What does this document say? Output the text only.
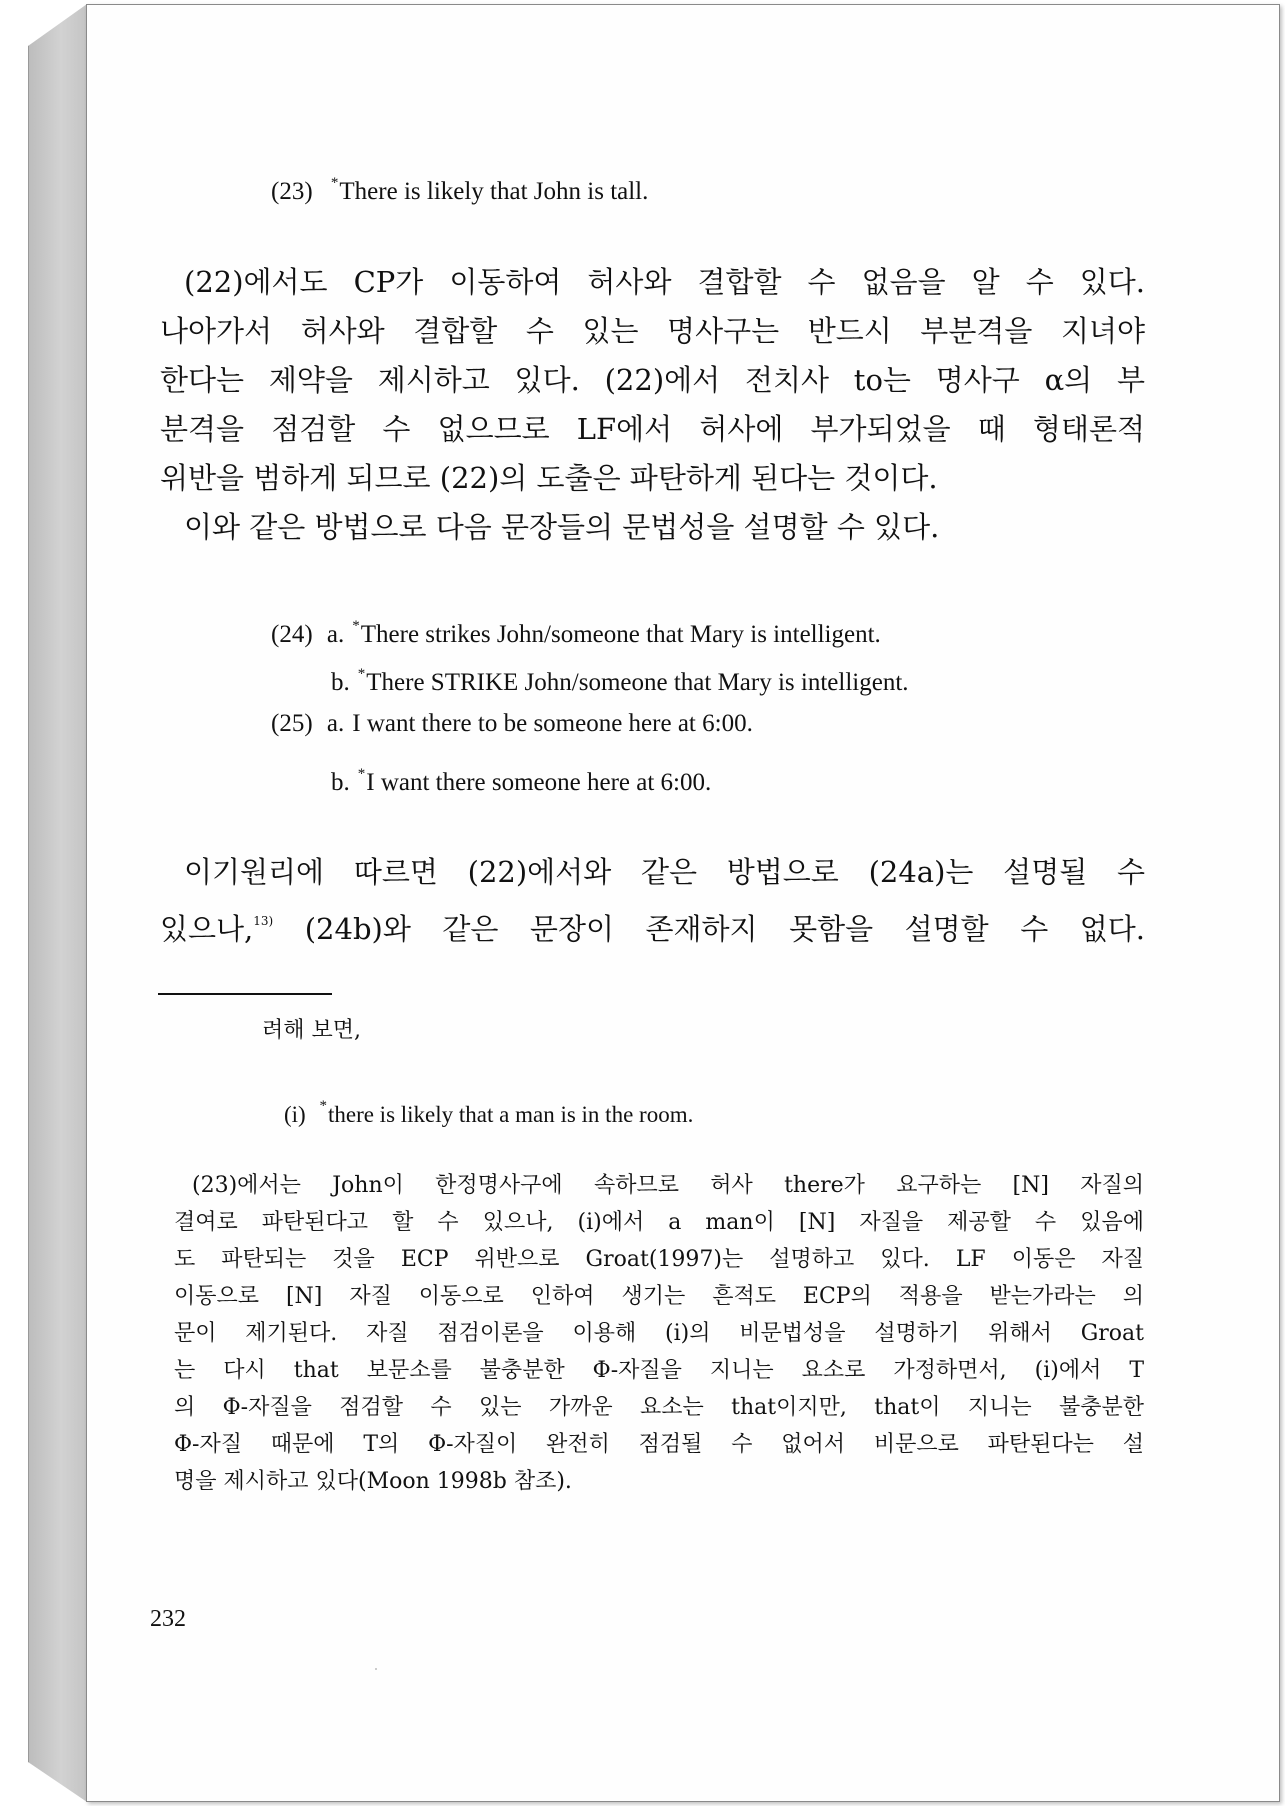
(23) *There is likely that John is tall.

(22)에서도 CP가 이동하여 허사와 결합할 수 없음을 알 수 있다.

나아가서 허사와 결합할 수 있는 명사구는 반드시 부분격을 지녀야

한다는 제약을 제시하고 있다. (22)에서 전치사 to는 명사구 α의 부

분격을 점검할 수 없으므로 LF에서 허사에 부가되었을 때 형태론적

위반을 범하게 되므로 (22)의 도출은 파탄하게 된다는 것이다.

이와 같은 방법으로 다음 문장들의 문법성을 설명할 수 있다.

(24) a. *There strikes John/someone that Mary is intelligent.
b. *There STRIKE John/someone that Mary is intelligent.
(25) a. I want there to be someone here at 6:00.
b. *I want there someone here at 6:00.

이기원리에 따르면 (22)에서와 같은 방법으로 (24a)는 설명될 수

있으나,$^{13)}$ (24b)와 같은 문장이 존재하지 못함을 설명할 수 없다.

려해 보면,
(i) *there is likely that a man is in the room.

(23)에서는 John이 한정명사구에 속하므로 허사 there가 요구하는 [N] 자질의

결여로 파탄된다고 할 수 있으나, (i)에서 a man이 [N] 자질을 제공할 수 있음에

도 파탄되는 것을 ECP 위반으로 Groat(1997)는 설명하고 있다. LF 이동은 자질

이동으로 [N] 자질 이동으로 인하여 생기는 흔적도 ECP의 적용을 받는가라는 의

문이 제기된다. 자질 점검이론을 이용해 (i)의 비문법성을 설명하기 위해서 Groat

는 다시 that 보문소를 불충분한 Φ-자질을 지니는 요소로 가정하면서, (i)에서 T

의 Φ-자질을 점검할 수 있는 가까운 요소는 that이지만, that이 지니는 불충분한

Φ-자질 때문에 T의 Φ-자질이 완전히 점검될 수 없어서 비문으로 파탄된다는 설

명을 제시하고 있다(Moon 1998b 참조).

232
